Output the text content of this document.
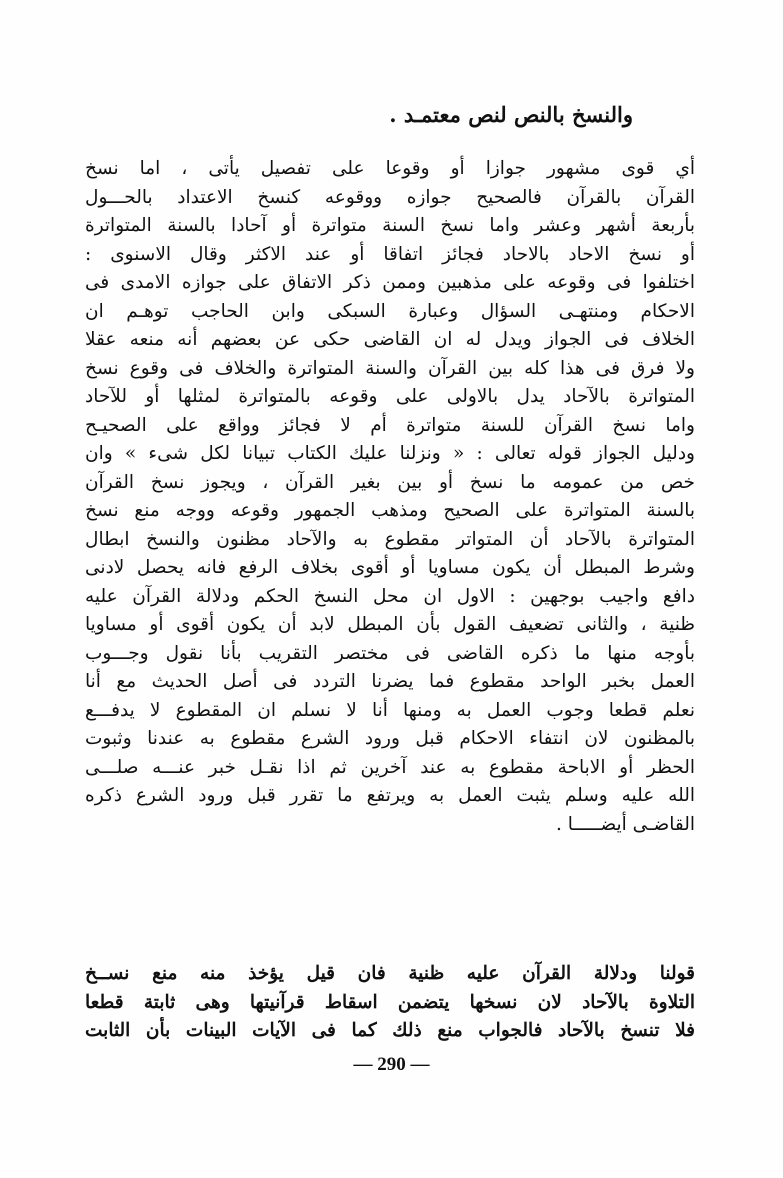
والنسخ بالنص لنص معتمـد .
أي قوى مشهور جوازا أو وقوعا على تفصيل يأتى ، اما نسخ
القرآن بالقرآن فالصحيح جوازه ووقوعه كنسخ الاعتداد بالحـــول
بأربعة أشهر وعشر واما نسخ السنة متواترة أو آحادا بالسنة المتواترة
أو نسخ الاحاد بالاحاد فجائز اتفاقا أو عند الاكثر وقال الاسنوى :
اختلفوا فى وقوعه على مذهبين وممن ذكر الاتفاق على جوازه الامدى فى
الاحكام ومنتهـى السؤال وعبارة السبكى وابن الحاجب توهـم ان
الخلاف فى الجواز ويدل له ان القاضى حكى عن بعضهم أنه منعه عقلا
ولا فرق فى هذا كله بين القرآن والسنة المتواترة والخلاف فى وقوع نسخ
المتواترة بالآحاد يدل بالاولى على وقوعه بالمتواترة لمثلها أو للآحاد
واما نسخ القرآن للسنة متواترة أم لا فجائز وواقع على الصحيـح
ودليل الجواز قوله تعالى : « ونزلنا عليك الكتاب تبيانا لكل شىء » وان
خص من عمومه ما نسخ أو بين بغير القرآن ، ويجوز نسخ القرآن
بالسنة المتواترة على الصحيح ومذهب الجمهور وقوعه ووجه منع نسخ
المتواترة بالآحاد أن المتواتر مقطوع به والآحاد مظنون والنسخ ابطال
وشرط المبطل أن يكون مساويا أو أقوى بخلاف الرفع فانه يحصل لادنى
دافع واجيب بوجهين : الاول ان محل النسخ الحكم ودلالة القرآن عليه
ظنية ، والثانى تضعيف القول بأن المبطل لابد أن يكون أقوى أو مساويا
بأوجه منها ما ذكره القاضى فى مختصر التقريب بأنا نقول وجـــوب
العمل بخبر الواحد مقطوع فما يضرنا التردد فى أصل الحديث مع أنا
نعلم قطعا وجوب العمل به ومنها أنا لا نسلم ان المقطوع لا يدفـــع
بالمظنون لان انتفاء الاحكام قبل ورود الشرع مقطوع به عندنا وثبوت
الحظر أو الاباحة مقطوع به عند آخرين ثم اذا نقـل خبر عنـــه صلـــى
الله عليه وسلم يثبت العمل به ويرتفع ما تقرر قبل ورود الشرع ذكره
القاضـى أيضـــــا .
قولنا ودلالة القرآن عليه ظنية فان قيل يؤخذ منه منع نســخ
التلاوة بالآحاد لان نسخها يتضمن اسقاط قرآنيتها وهى ثابتة قطعا
فلا تنسخ بالآحاد فالجواب منع ذلك كما فى الآيات البينات بأن الثابت
— 290 —
